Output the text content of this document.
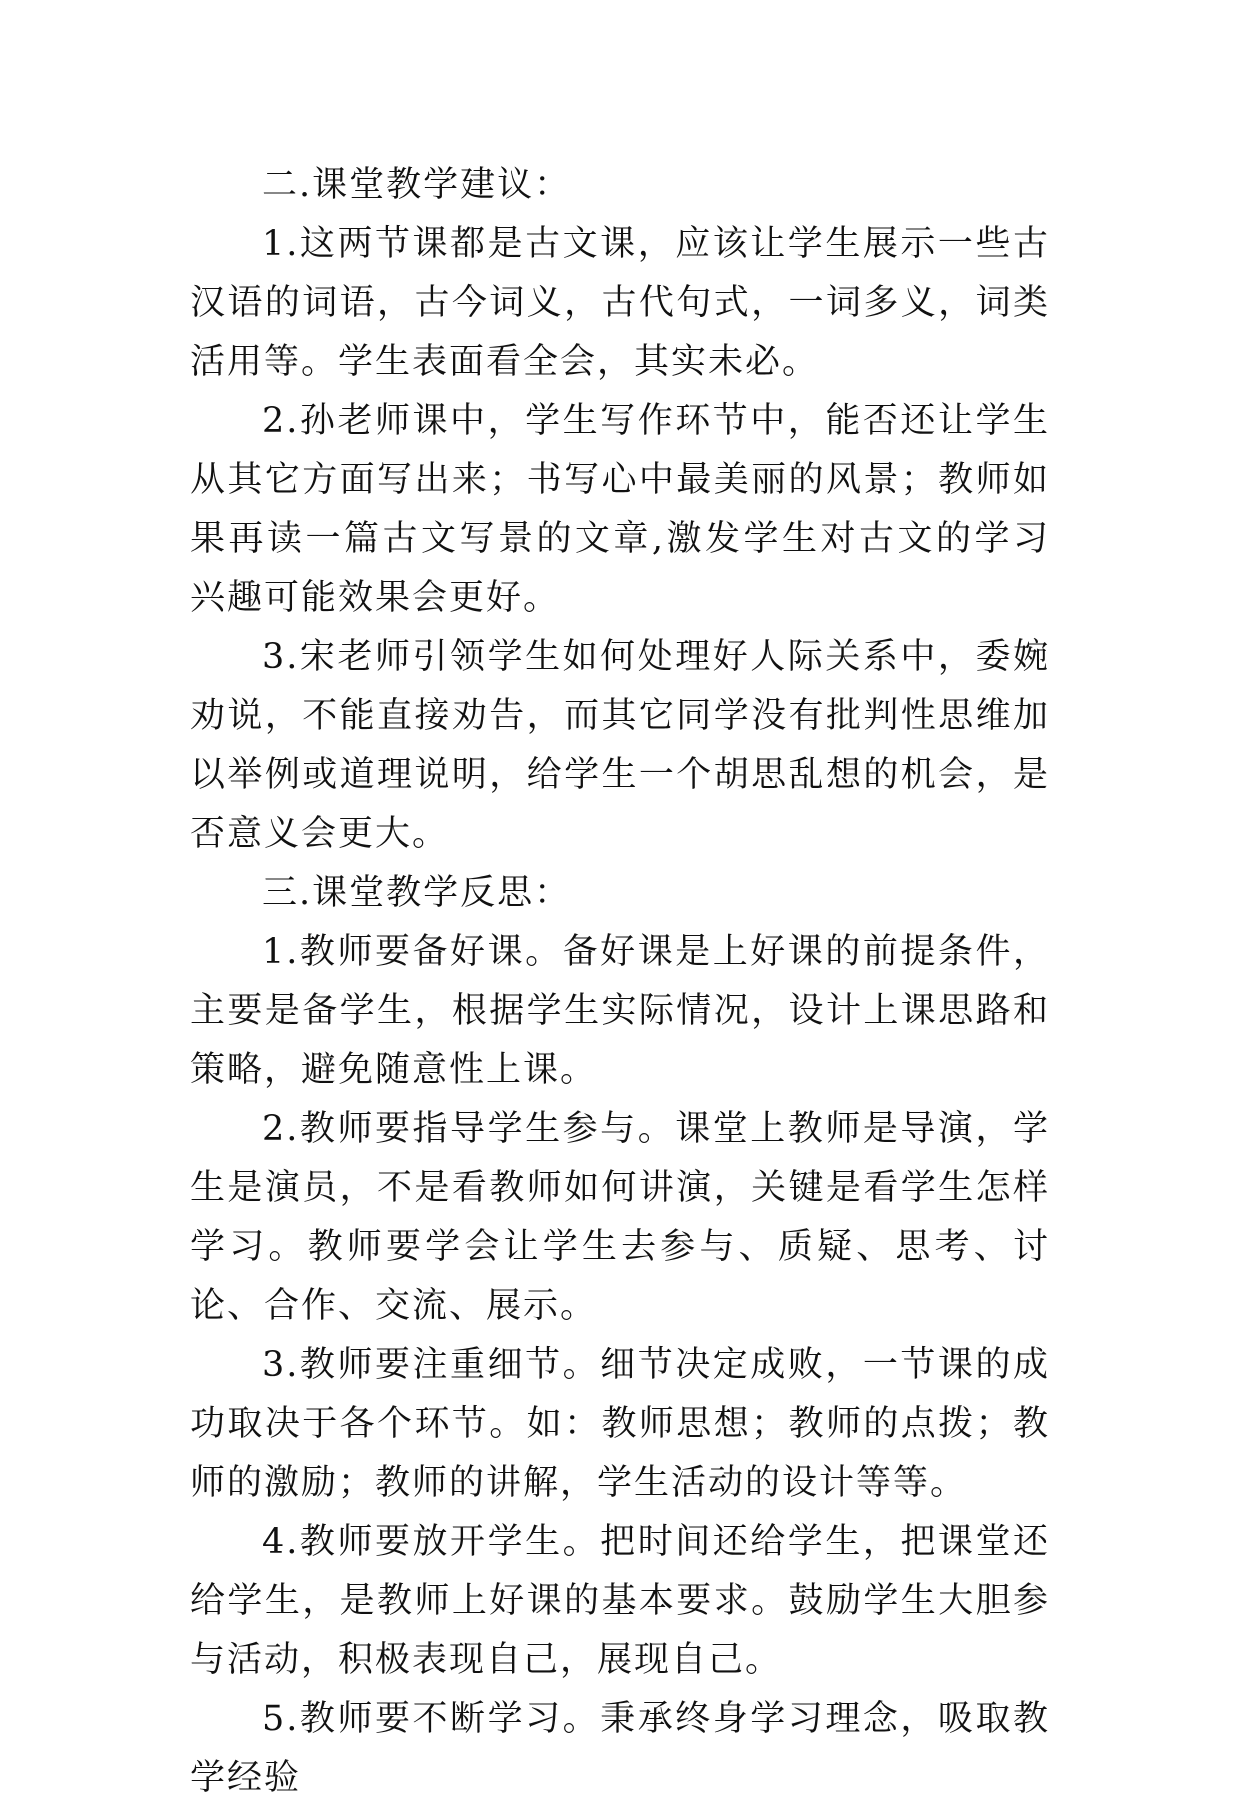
二.课堂教学建议：

1.这两节课都是古文课，应该让学生展示一些古汉语的词语，古今词义，古代句式，一词多义，词类活用等。学生表面看全会，其实未必。

2.孙老师课中，学生写作环节中，能否还让学生从其它方面写出来；书写心中最美丽的风景；教师如果再读一篇古文写景的文章,激发学生对古文的学习兴趣可能效果会更好。

3.宋老师引领学生如何处理好人际关系中，委婉劝说，不能直接劝告，而其它同学没有批判性思维加以举例或道理说明，给学生一个胡思乱想的机会，是否意义会更大。

三.课堂教学反思：

1.教师要备好课。备好课是上好课的前提条件，主要是备学生，根据学生实际情况，设计上课思路和策略，避免随意性上课。

2.教师要指导学生参与。课堂上教师是导演，学生是演员，不是看教师如何讲演，关键是看学生怎样学习。教师要学会让学生去参与、质疑、思考、讨论、合作、交流、展示。

3.教师要注重细节。细节决定成败，一节课的成功取决于各个环节。如：教师思想；教师的点拨；教师的激励；教师的讲解，学生活动的设计等等。

4.教师要放开学生。把时间还给学生，把课堂还给学生，是教师上好课的基本要求。鼓励学生大胆参与活动，积极表现自己，展现自己。

5.教师要不断学习。秉承终身学习理念，吸取教学经验
